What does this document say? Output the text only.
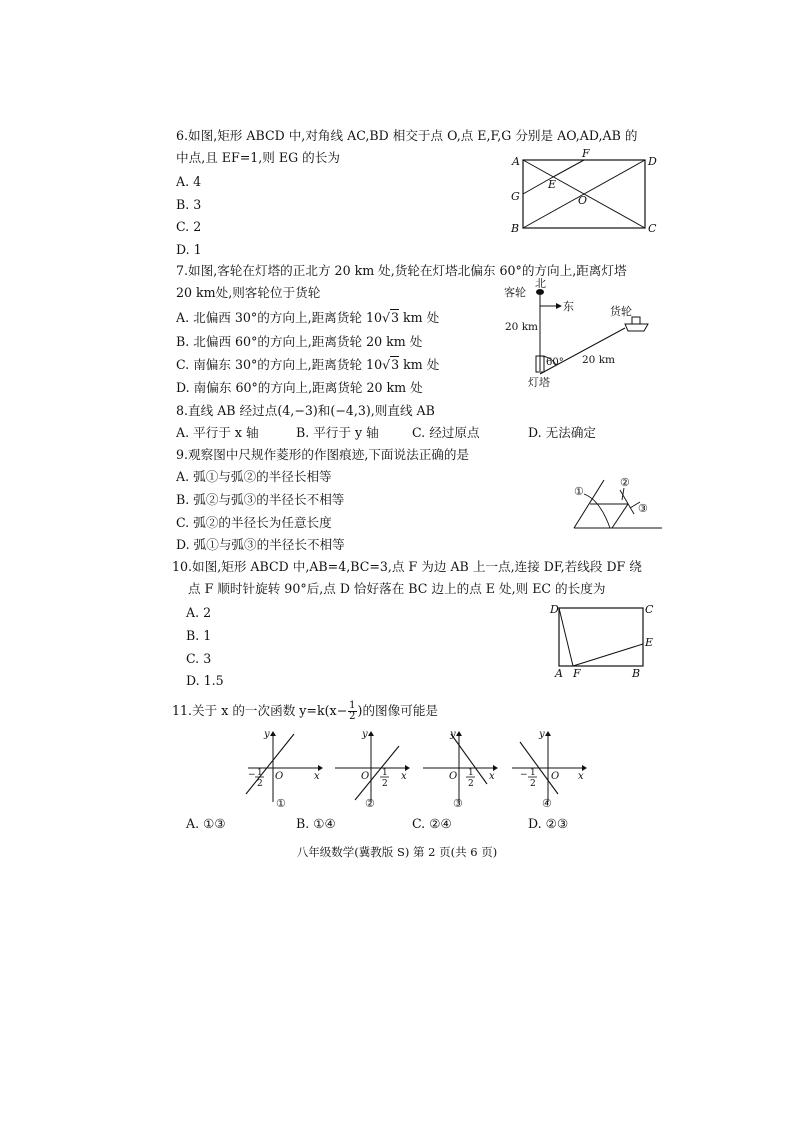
6.如图,矩形 ABCD 中,对角线 AC,BD 相交于点 O,点 E,F,G 分别是 AO,AD,AB 的
中点,且 EF=1,则 EG 的长为
A. 4
B. 3
C. 2
D. 1
A
B	C
D
E
F
G	O
7.如图,客轮在灯塔的正北方 20 km 处,货轮在灯塔北偏东 60°的方向上,距离灯塔
20 km处,则客轮位于货轮
A. 北偏西 30°的方向上,距离货轮 10√3 km 处
B. 北偏西 60°的方向上,距离货轮 20 km 处
C. 南偏东 30°的方向上,距离货轮 10√3 km 处
D. 南偏东 60°的方向上,距离货轮 20 km 处
北
东
客轮
货轮
20 km
20 km
60°
灯塔
8.直线 AB 经过点(4,−3)和(−4,3),则直线 AB
A. 平行于 x 轴	B. 平行于 y 轴	C. 经过原点	D. 无法确定
9.观察图中尺规作菱形的作图痕迹,下面说法正确的是
A. 弧①与弧②的半径长相等
B. 弧②与弧③的半径长不相等
C. 弧②的半径长为任意长度
D. 弧①与弧③的半径长不相等
①
②
③
10.如图,矩形 ABCD 中,AB=4,BC=3,点 F 为边 AB 上一点,连接 DF,若线段 DF 绕
点 F 顺时针旋转 90°后,点 D 恰好落在 BC 边上的点 E 处,则 EC 的长度为
A. 2
B. 1
C. 3
D. 1.5
D	C
E
A F	B
11.关于 x 的一次函数 $y=k(x- \frac{1}{2}$ )的图像可能是
y
x
O
− 1
2
①
y
x
O 1
2
②
y
x
O 1
2
③
y
x
O
− 1
2
④
A. ①③	B. ①④	C. ②④	D. ②③
八年级数学(冀教版 S) 第 2 页(共 6 页)
